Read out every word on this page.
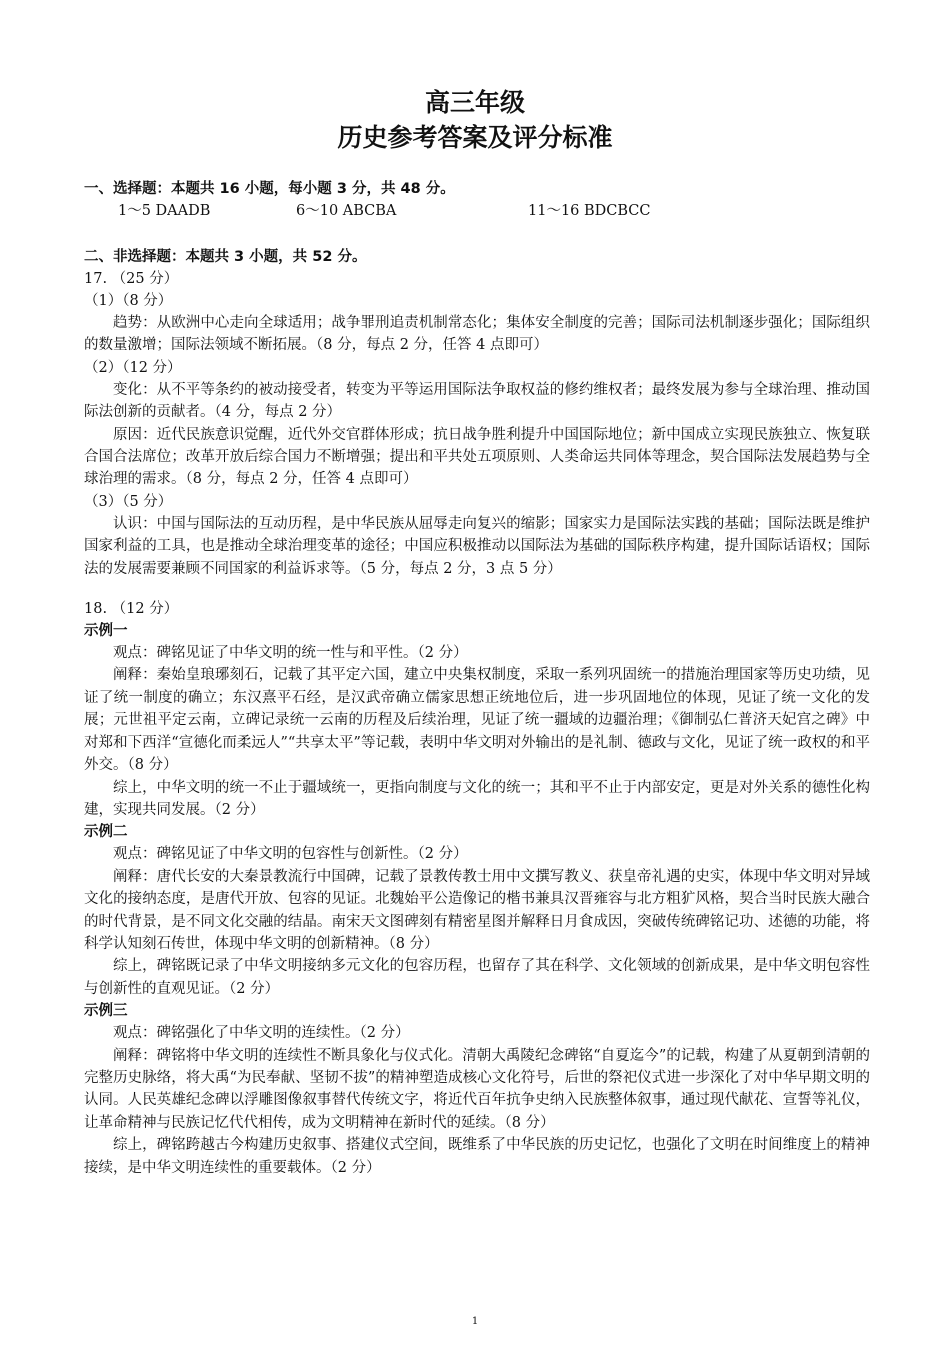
高三年级
历史参考答案及评分标准
一、选择题：本题共 16 小题，每小题 3 分，共 48 分。
1～5 DAADB	6～10 ABCBA	11～16 BDCBCC
二、非选择题：本题共 3 小题，共 52 分。
17. （25 分）
（1）（8 分）

趋势：从欧洲中心走向全球适用；战争罪刑追责机制常态化；集体安全制度的完善；国际司法机制逐步强化；国际组织的数量激增；国际法领域不断拓展。（8 分，每点 2 分，任答 4 点即可）

（2）（12 分）

变化：从不平等条约的被动接受者，转变为平等运用国际法争取权益的修约维权者；最终发展为参与全球治理、推动国际法创新的贡献者。（4 分，每点 2 分）

原因：近代民族意识觉醒，近代外交官群体形成；抗日战争胜利提升中国国际地位；新中国成立实现民族独立、恢复联合国合法席位；改革开放后综合国力不断增强；提出和平共处五项原则、人类命运共同体等理念，契合国际法发展趋势与全球治理的需求。（8 分，每点 2 分，任答 4 点即可）

（3）（5 分）

认识：中国与国际法的互动历程，是中华民族从屈辱走向复兴的缩影；国家实力是国际法实践的基础；国际法既是维护国家利益的工具，也是推动全球治理变革的途径；中国应积极推动以国际法为基础的国际秩序构建，提升国际话语权；国际法的发展需要兼顾不同国家的利益诉求等。（5 分，每点 2 分，3 点 5 分）

18. （12 分）
示例一

观点：碑铭见证了中华文明的统一性与和平性。（2 分）

阐释：秦始皇琅琊刻石，记载了其平定六国，建立中央集权制度，采取一系列巩固统一的措施治理国家等历史功绩，见证了统一制度的确立；东汉熹平石经，是汉武帝确立儒家思想正统地位后，进一步巩固地位的体现，见证了统一文化的发展；元世祖平定云南，立碑记录统一云南的历程及后续治理，见证了统一疆域的边疆治理；《御制弘仁普济天妃宫之碑》中对郑和下西洋“宣德化而柔远人”“共享太平”等记载，表明中华文明对外输出的是礼制、德政与文化，见证了统一政权的和平外交。（8 分）

综上，中华文明的统一不止于疆域统一，更指向制度与文化的统一；其和平不止于内部安定，更是对外关系的德性化构建，实现共同发展。（2 分）

示例二

观点：碑铭见证了中华文明的包容性与创新性。（2 分）

阐释：唐代长安的大秦景教流行中国碑，记载了景教传教士用中文撰写教义、获皇帝礼遇的史实，体现中华文明对异域文化的接纳态度，是唐代开放、包容的见证。北魏始平公造像记的楷书兼具汉晋雍容与北方粗犷风格，契合当时民族大融合的时代背景，是不同文化交融的结晶。南宋天文图碑刻有精密星图并解释日月食成因，突破传统碑铭记功、述德的功能，将科学认知刻石传世，体现中华文明的创新精神。（8 分）

综上，碑铭既记录了中华文明接纳多元文化的包容历程，也留存了其在科学、文化领域的创新成果，是中华文明包容性与创新性的直观见证。（2 分）

示例三

观点：碑铭强化了中华文明的连续性。（2 分）

阐释：碑铭将中华文明的连续性不断具象化与仪式化。清朝大禹陵纪念碑铭“自夏迄今”的记载，构建了从夏朝到清朝的完整历史脉络，将大禹“为民奉献、坚韧不拔”的精神塑造成核心文化符号，后世的祭祀仪式进一步深化了对中华早期文明的认同。人民英雄纪念碑以浮雕图像叙事替代传统文字，将近代百年抗争史纳入民族整体叙事，通过现代献花、宣誓等礼仪，让革命精神与民族记忆代代相传，成为文明精神在新时代的延续。（8 分）

综上，碑铭跨越古今构建历史叙事、搭建仪式空间，既维系了中华民族的历史记忆，也强化了文明在时间维度上的精神接续，是中华文明连续性的重要载体。（2 分）

1
